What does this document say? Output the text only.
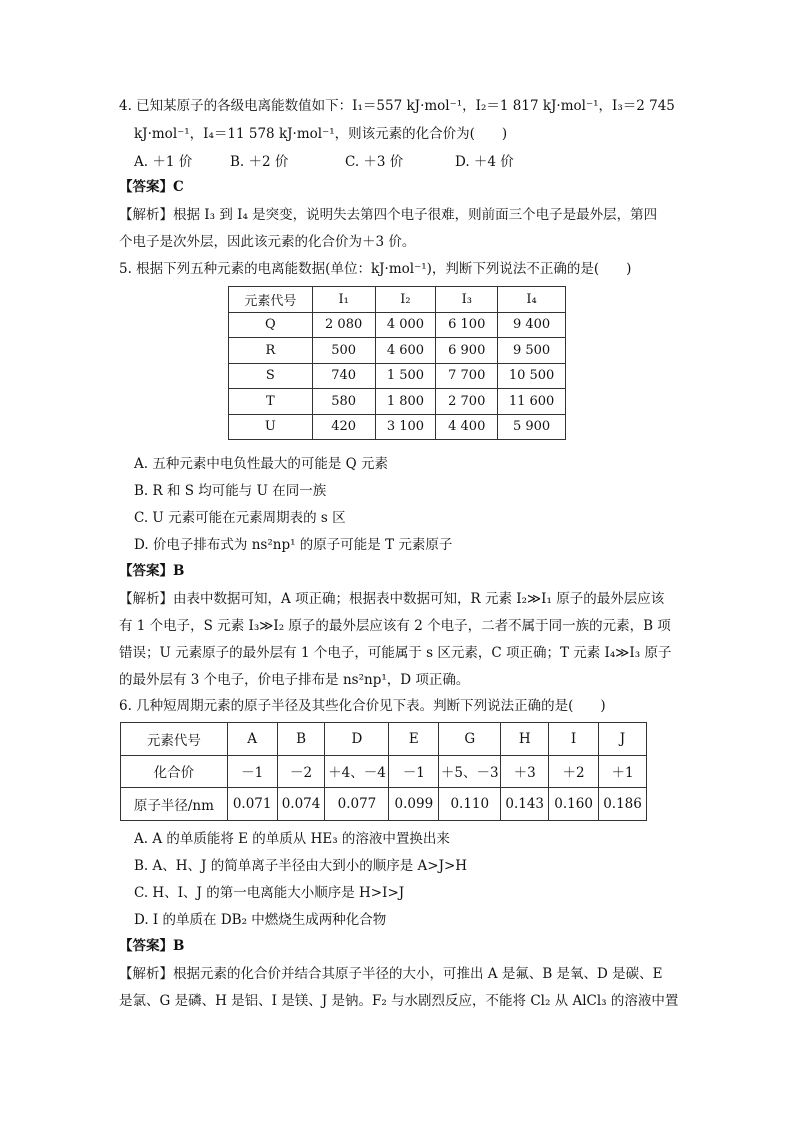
4. 已知某原子的各级电离能数值如下：I₁＝557 kJ·mol⁻¹，I₂＝1 817 kJ·mol⁻¹，I₃＝2 745
kJ·mol⁻¹，I₄＝11 578 kJ·mol⁻¹，则该元素的化合价为(　　)
A. ＋1 价	B. ＋2 价	C. ＋3 价	D. ＋4 价
【答案】C
【解析】根据 I₃ 到 I₄ 是突变，说明失去第四个电子很难，则前面三个电子是最外层，第四
个电子是次外层，因此该元素的化合价为＋3 价。
5. 根据下列五种元素的电离能数据(单位：kJ·mol⁻¹)，判断下列说法不正确的是(　　)
元素代号	I₁	I₂	I₃	I₄
Q	2 080	4 000	6 100	9 400
R	500	4 600	6 900	9 500
S	740	1 500	7 700	10 500
T	580	1 800	2 700	11 600
U	420	3 100	4 400	5 900
A. 五种元素中电负性最大的可能是 Q 元素
B. R 和 S 均可能与 U 在同一族
C. U 元素可能在元素周期表的 s 区
D. 价电子排布式为 ns²np¹ 的原子可能是 T 元素原子
【答案】B
【解析】由表中数据可知，A 项正确；根据表中数据可知，R 元素 I₂≫I₁ 原子的最外层应该
有 1 个电子，S 元素 I₃≫I₂ 原子的最外层应该有 2 个电子，二者不属于同一族的元素，B 项
错误；U 元素原子的最外层有 1 个电子，可能属于 s 区元素，C 项正确；T 元素 I₄≫I₃ 原子
的最外层有 3 个电子，价电子排布是 ns²np¹，D 项正确。
6. 几种短周期元素的原子半径及其些化合价见下表。判断下列说法正确的是(　　)
元素代号	A	B	D	E	G	H	I	J
化合价	－1	－2	＋4、－4	－1	＋5、－3	＋3	＋2	＋1
原子半径/nm	0.071	0.074	0.077	0.099	0.110	0.143	0.160	0.186
A. A 的单质能将 E 的单质从 HE₃ 的溶液中置换出来
B. A、H、J 的简单离子半径由大到小的顺序是 A>J>H
C. H、I、J 的第一电离能大小顺序是 H>I>J
D. I 的单质在 DB₂ 中燃烧生成两种化合物
【答案】B
【解析】根据元素的化合价并结合其原子半径的大小，可推出 A 是氟、B 是氧、D 是碳、E
是氯、G 是磷、H 是铝、I 是镁、J 是钠。F₂ 与水剧烈反应，不能将 Cl₂ 从 AlCl₃ 的溶液中置
